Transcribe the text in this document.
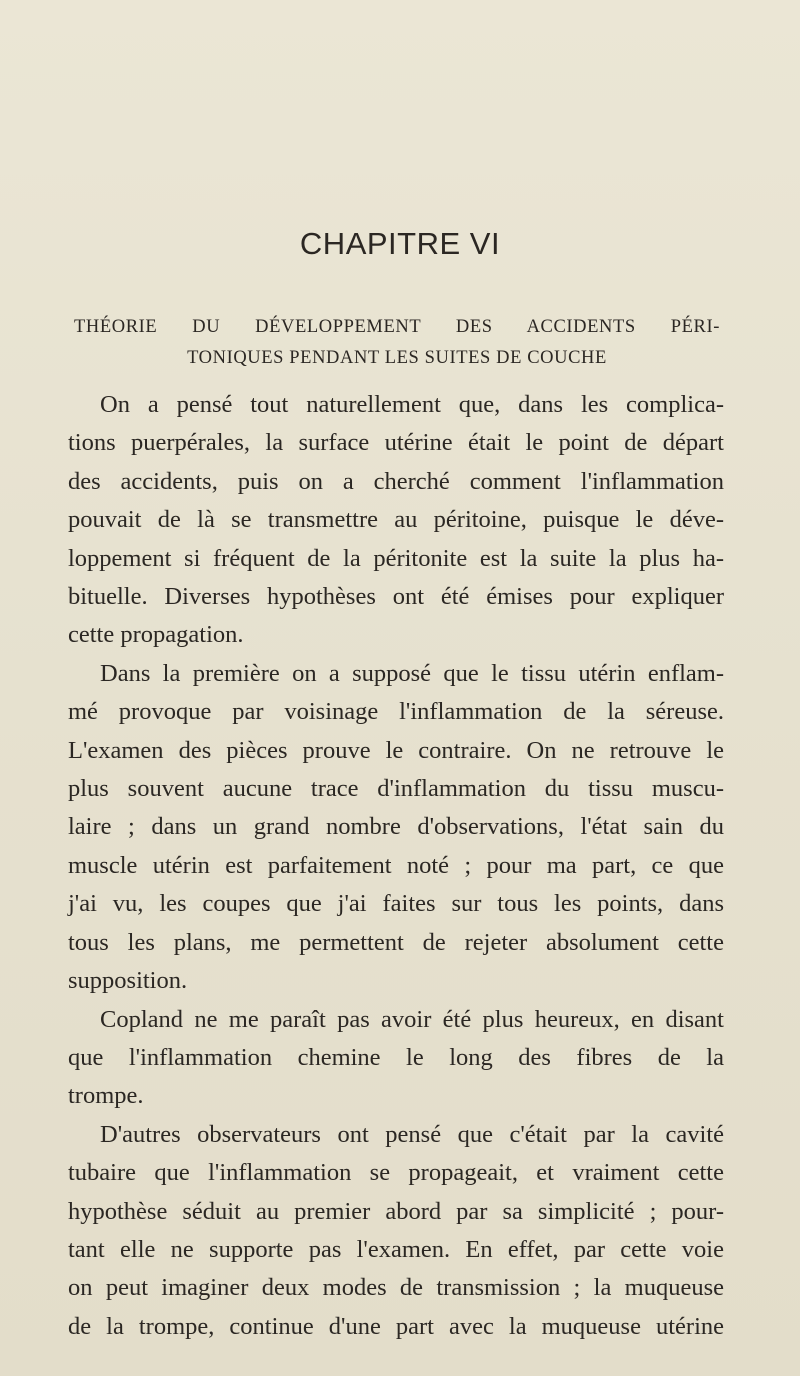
CHAPITRE VI
THÉORIE DU DÉVELOPPEMENT DES ACCIDENTS PÉRI-
TONIQUES PENDANT LES SUITES DE COUCHE
On a pensé tout naturellement que, dans les complica-
tions puerpérales, la surface utérine était le point de départ
des accidents, puis on a cherché comment l'inflammation
pouvait de là se transmettre au péritoine, puisque le déve-
loppement si fréquent de la péritonite est la suite la plus ha-
bituelle. Diverses hypothèses ont été émises pour expliquer
cette propagation.
Dans la première on a supposé que le tissu utérin enflam-
mé provoque par voisinage l'inflammation de la séreuse.
L'examen des pièces prouve le contraire. On ne retrouve le
plus souvent aucune trace d'inflammation du tissu muscu-
laire ; dans un grand nombre d'observations, l'état sain du
muscle utérin est parfaitement noté ; pour ma part, ce que
j'ai vu, les coupes que j'ai faites sur tous les points, dans
tous les plans, me permettent de rejeter absolument cette
supposition.
Copland ne me paraît pas avoir été plus heureux, en disant
que l'inflammation chemine le long des fibres de la
trompe.
D'autres observateurs ont pensé que c'était par la cavité
tubaire que l'inflammation se propageait, et vraiment cette
hypothèse séduit au premier abord par sa simplicité ; pour-
tant elle ne supporte pas l'examen. En effet, par cette voie
on peut imaginer deux modes de transmission ; la muqueuse
de la trompe, continue d'une part avec la muqueuse utérine
